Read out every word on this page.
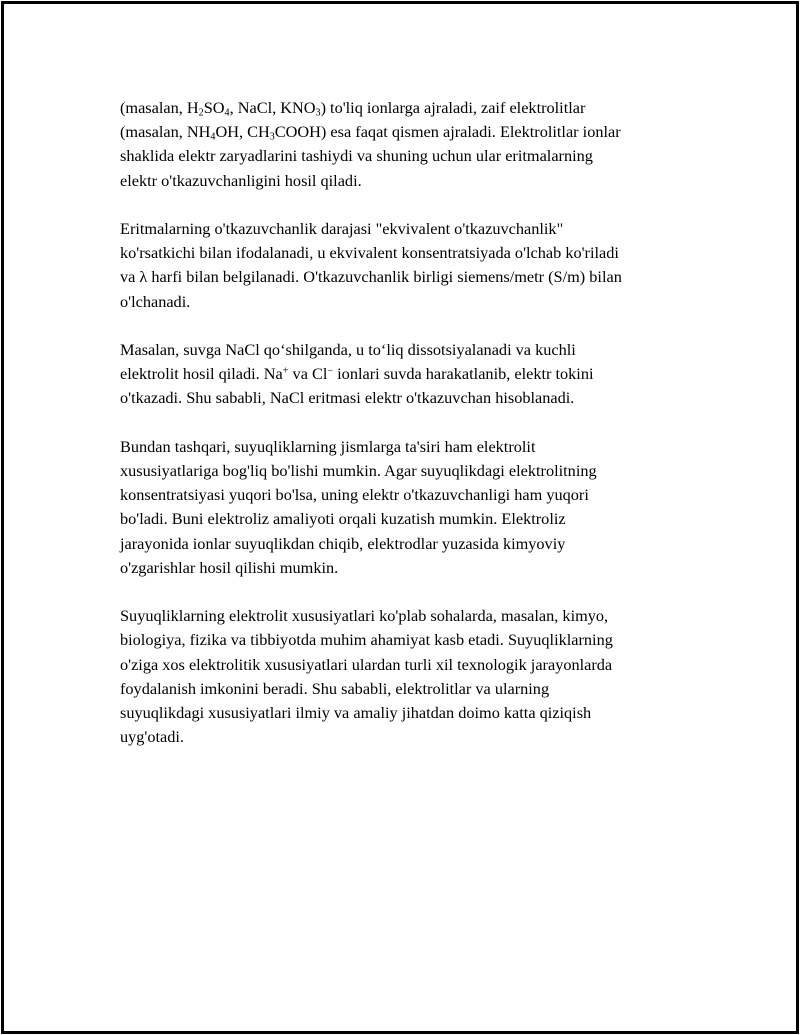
(masalan, $H_2SO_4$, NaCl, $KNO_3$) to'liq ionlarga ajraladi, zaif elektrolitlar
(masalan, $NH_4OH$, $CH_3COOH$) esa faqat qismen ajraladi. Elektrolitlar ionlar
shaklida elektr zaryadlarini tashiydi va shuning uchun ular eritmalarning
elektr o'tkazuvchanligini hosil qiladi.

Eritmalarning o'tkazuvchanlik darajasi "ekvivalent o'tkazuvchanlik"
ko'rsatkichi bilan ifodalanadi, u ekvivalent konsentratsiyada o'lchab ko'riladi
va λ harfi bilan belgilanadi. O'tkazuvchanlik birligi siemens/metr (S/m) bilan
o'lchanadi.

Masalan, suvga NaCl qo‘shilganda, u to‘liq dissotsiyalanadi va kuchli
elektrolit hosil qiladi. Na+ va Cl− ionlari suvda harakatlanib, elektr tokini
o'tkazadi. Shu sababli, NaCl eritmasi elektr o'tkazuvchan hisoblanadi.

Bundan tashqari, suyuqliklarning jismlarga ta'siri ham elektrolit
xususiyatlariga bog'liq bo'lishi mumkin. Agar suyuqlikdagi elektrolitning
konsentratsiyasi yuqori bo'lsa, uning elektr o'tkazuvchanligi ham yuqori
bo'ladi. Buni elektroliz amaliyoti orqali kuzatish mumkin. Elektroliz
jarayonida ionlar suyuqlikdan chiqib, elektrodlar yuzasida kimyoviy
o'zgarishlar hosil qilishi mumkin.

Suyuqliklarning elektrolit xususiyatlari ko'plab sohalarda, masalan, kimyo,
biologiya, fizika va tibbiyotda muhim ahamiyat kasb etadi. Suyuqliklarning
o'ziga xos elektrolitik xususiyatlari ulardan turli xil texnologik jarayonlarda
foydalanish imkonini beradi. Shu sababli, elektrolitlar va ularning
suyuqlikdagi xususiyatlari ilmiy va amaliy jihatdan doimo katta qiziqish
uyg'otadi.
